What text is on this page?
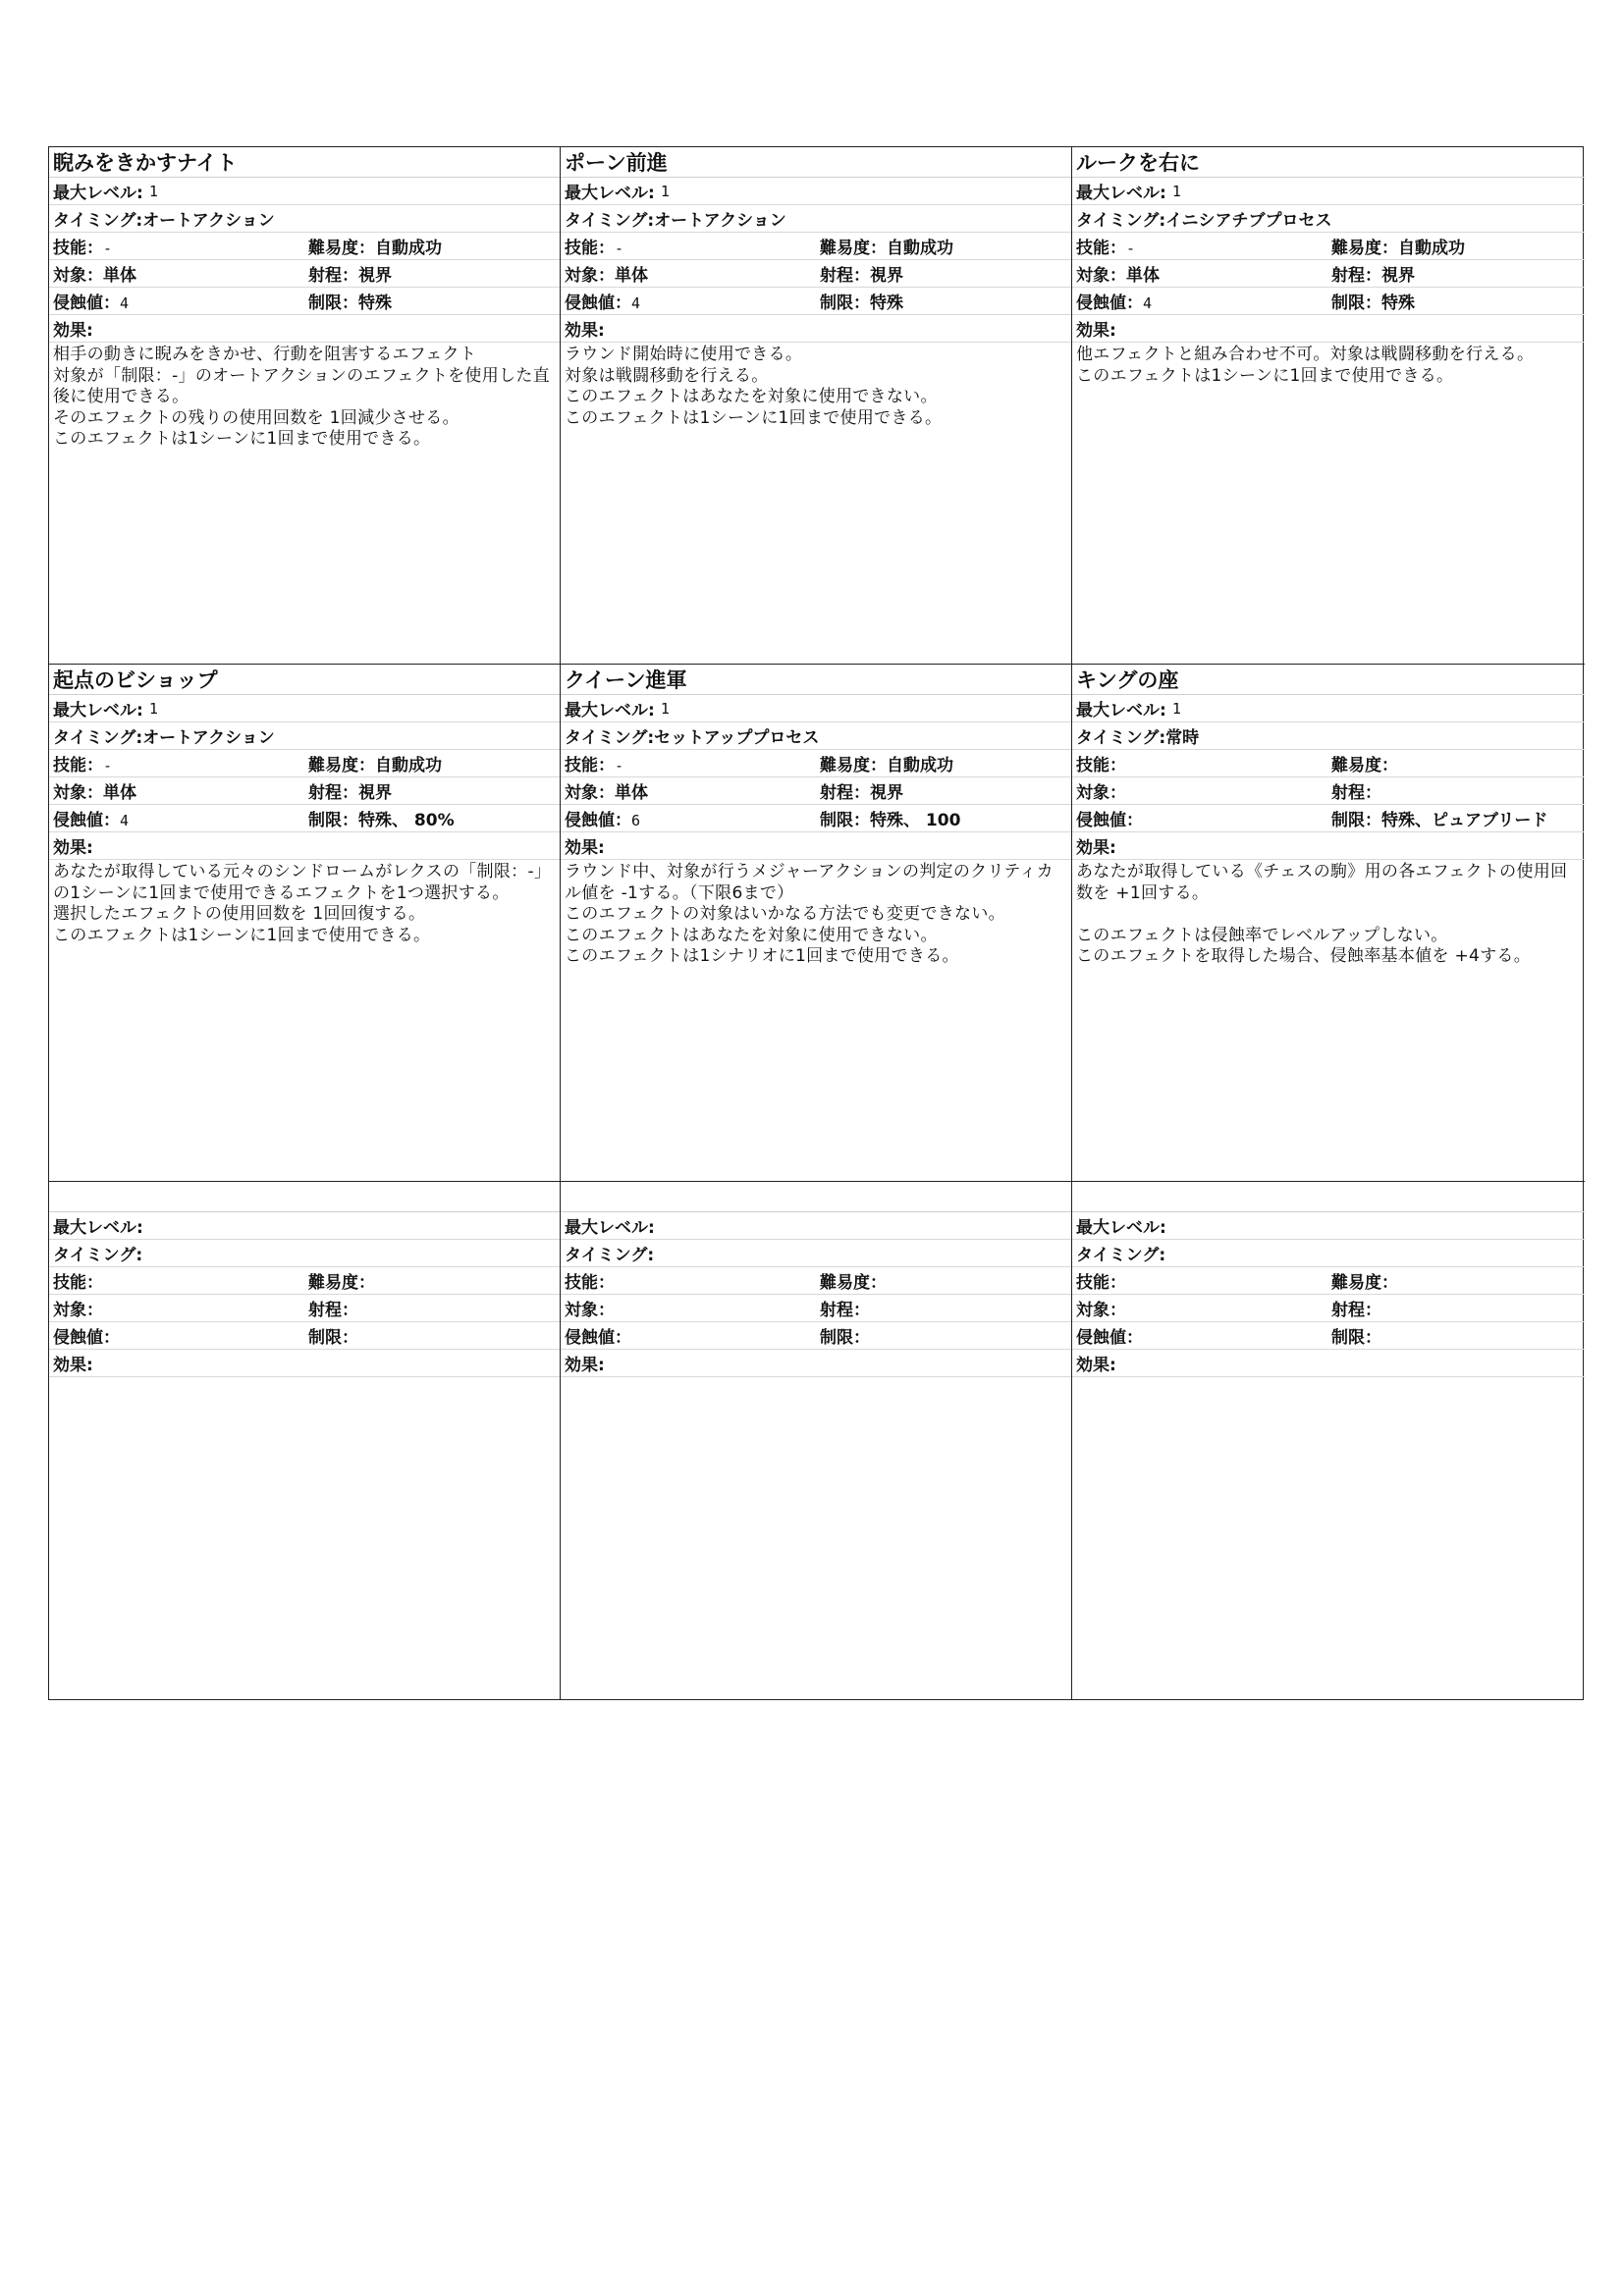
睨みをきかすナイト
最大レベル: 1
タイミング: オートアクション
技能：-	難易度：自動成功
対象：単体	射程：視界
侵蝕値：4	制限：特殊
効果:
相手の動きに睨みをきかせ、行動を阻害するエフェクト
対象が「制限：-」のオートアクションのエフェクトを使用した直後に使用できる。
そのエフェクトの残りの使用回数を 1回減少させる。
このエフェクトは1シーンに1回まで使用できる。
ポーン前進
最大レベル: 1
タイミング: オートアクション
技能：-	難易度：自動成功
対象：単体	射程：視界
侵蝕値：4	制限：特殊
効果:
ラウンド開始時に使用できる。
対象は戦闘移動を行える。
このエフェクトはあなたを対象に使用できない。
このエフェクトは1シーンに1回まで使用できる。
ルークを右に
最大レベル: 1
タイミング: イニシアチブプロセス
技能：-	難易度：自動成功
対象：単体	射程：視界
侵蝕値：4	制限：特殊
効果:
他エフェクトと組み合わせ不可。対象は戦闘移動を行える。
このエフェクトは1シーンに1回まで使用できる。
起点のビショップ
最大レベル: 1
タイミング: オートアクション
技能：-	難易度：自動成功
対象：単体	射程：視界
侵蝕値：4	制限：特殊、 80%
効果:
あなたが取得している元々のシンドロームがレクスの「制限：-」の1シーンに1回まで使用できるエフェクトを1つ選択する。
選択したエフェクトの使用回数を 1回回復する。
このエフェクトは1シーンに1回まで使用できる。
クイーン進軍
最大レベル: 1
タイミング: セットアッププロセス
技能：-	難易度：自動成功
対象：単体	射程：視界
侵蝕値：6	制限：特殊、 100
効果:
ラウンド中、対象が行うメジャーアクションの判定のクリティカル値を -1する。（下限6まで）
このエフェクトの対象はいかなる方法でも変更できない。
このエフェクトはあなたを対象に使用できない。
このエフェクトは1シナリオに1回まで使用できる。
キングの座
最大レベル: 1
タイミング: 常時
技能：	難易度：
対象：	射程：
侵蝕値：	制限：特殊、ピュアブリード
効果:
あなたが取得している《チェスの駒》用の各エフェクトの使用回数を +1回する。

このエフェクトは侵蝕率でレベルアップしない。
このエフェクトを取得した場合、侵蝕率基本値を +4する。
最大レベル:
タイミング:
技能：	難易度：
対象：	射程：
侵蝕値：	制限：
効果:
最大レベル:
タイミング:
技能：	難易度：
対象：	射程：
侵蝕値：	制限：
効果:
最大レベル:
タイミング:
技能：	難易度：
対象：	射程：
侵蝕値：	制限：
効果:
